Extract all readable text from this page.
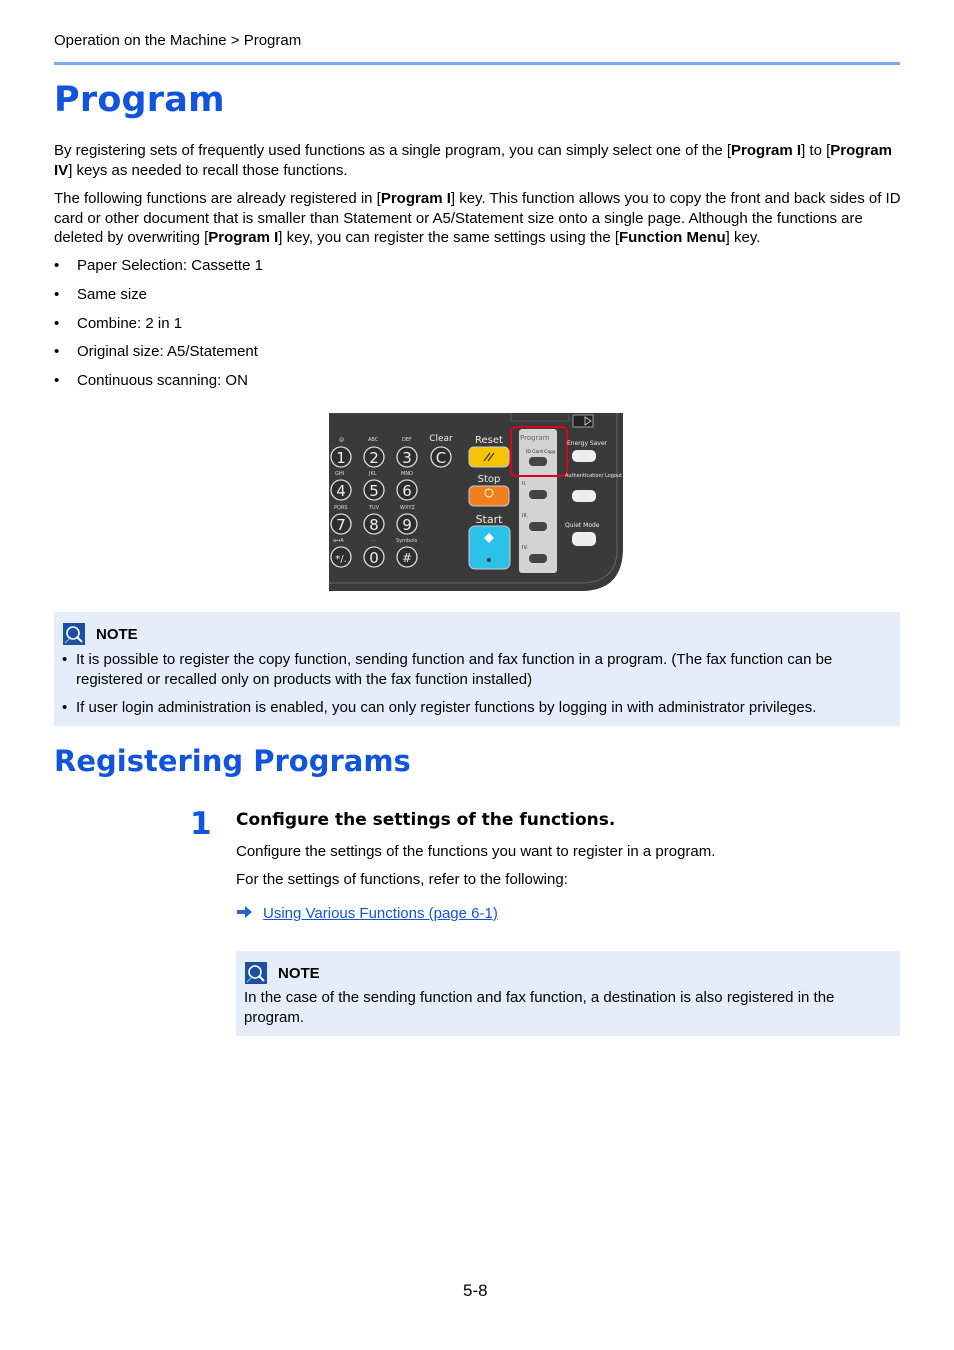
Operation on the Machine > Program
Program
By registering sets of frequently used functions as a single program, you can simply select one of the [Program I] to [Program IV] keys as needed to recall those functions.
The following functions are already registered in [Program I] key. This function allows you to copy the front and back sides of ID card or other document that is smaller than Statement or A5/Statement size onto a single page. Although the functions are deleted by overwriting [Program I] key, you can register the same settings using the [Function Menu] key.
•	Paper Selection: Cassette 1
•	Same size
•	Combine: 2 in 1
•	Original size: A5/Statement
•	Continuous scanning: ON
@	ABC	DEF
GHI	JKL	MNO
PQRS	TUV	WXYZ
a↔A	· ·	Symbols
1 2 3
4 5 6
7 8 9
0
C
*/.	#
Clear Reset
Stop
Start
Program
ID Card Copy
II.
III.
IV.
Energy Saver
Authentication/ Logout
Quiet Mode
NOTE
• It is possible to register the copy function, sending function and fax function in a program. (The fax function can be registered or recalled only on products with the fax function installed)
• If user login administration is enabled, you can only register functions by logging in with administrator privileges.
Registering Programs
1 Configure the settings of the functions.
Configure the settings of the functions you want to register in a program.
For the settings of functions, refer to the following:
Using Various Functions (page 6-1)
NOTE
In the case of the sending function and fax function, a destination is also registered in the program.
5-8
